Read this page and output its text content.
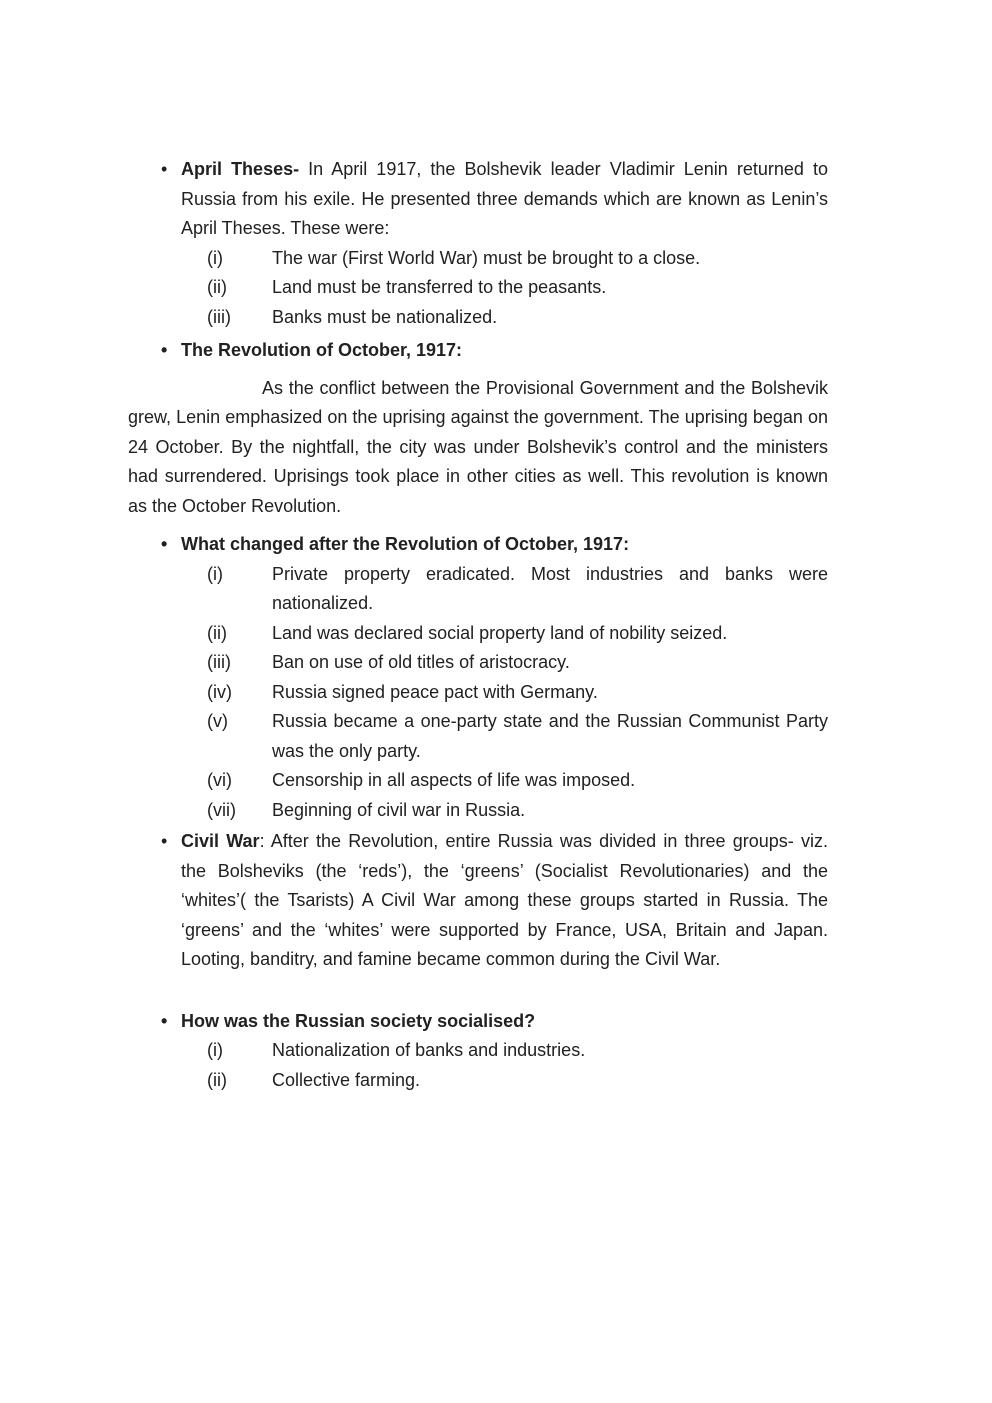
• April Theses- In April 1917, the Bolshevik leader Vladimir Lenin returned to Russia from his exile. He presented three demands which are known as Lenin’s April Theses. These were:
(i)	The war (First World War) must be brought to a close.
(ii)	Land must be transferred to the peasants.
(iii)	Banks must be nationalized.
• The Revolution of October, 1917:
As the conflict between the Provisional Government and the Bolshevik grew, Lenin emphasized on the uprising against the government. The uprising began on 24 October. By the nightfall, the city was under Bolshevik’s control and the ministers had surrendered. Uprisings took place in other cities as well. This revolution is known as the October Revolution.
• What changed after the Revolution of October, 1917:
(i)	Private property eradicated. Most industries and banks were nationalized.
(ii)	Land was declared social property land of nobility seized.
(iii)	Ban on use of old titles of aristocracy.
(iv)	Russia signed peace pact with Germany.
(v)	Russia became a one-party state and the Russian Communist Party was the only party.
(vi)	Censorship in all aspects of life was imposed.
(vii)	Beginning of civil war in Russia.
• Civil War: After the Revolution, entire Russia was divided in three groups- viz. the Bolsheviks (the ‘reds’), the ‘greens’ (Socialist Revolutionaries) and the ‘whites’( the Tsarists) A Civil War among these groups started in Russia. The ‘greens’ and the ‘whites’ were supported by France, USA, Britain and Japan. Looting, banditry, and famine became common during the Civil War.
• How was the Russian society socialised?
(i)	Nationalization of banks and industries.
(ii)	Collective farming.
